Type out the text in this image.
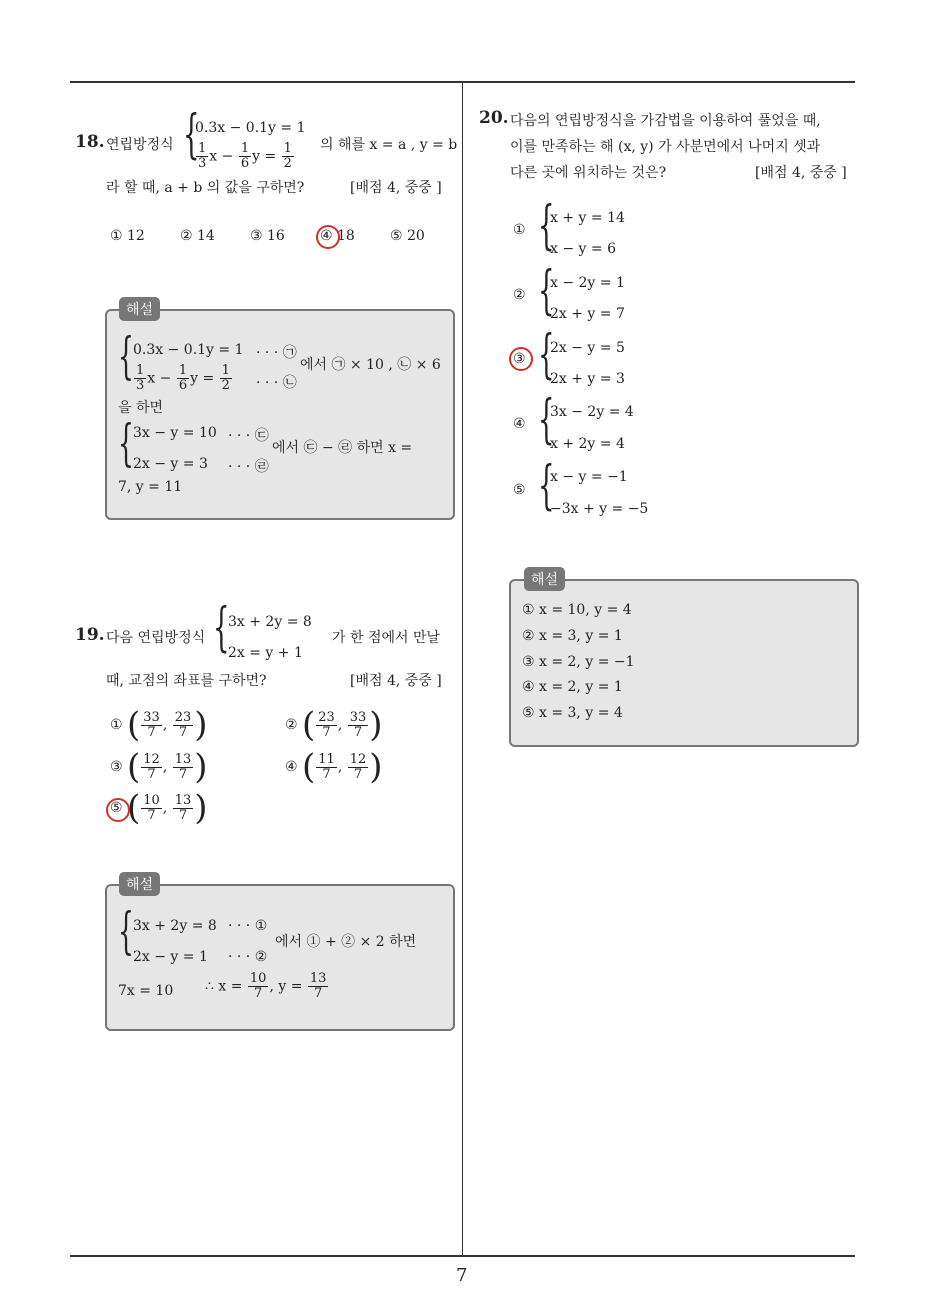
7
18. 연립방정식 {
0.3x − 0.1y = 1
$\frac{1}{3}$ $x - \frac{1}{6}$ $y = \frac{1}{2}$ 의 해를 x = a , y = b
라 할 때, a + b 의 값을 구하면?	[배점 4, 중중 ]
① 12	② 14	③ 16	④ 18	⑤ 20
해설
{ 0.3x − 0.1y = 1 · · · ㉠
$\frac{1}{3}$ $x - \frac{1}{6}$ $y = \frac{1}{2}$ · · · ㉡
에서 ㉠ × 10 , ㉡ × 6
을 하면
{ 3x − y = 10 · · · ㉢
2x − y = 3 · · · ㉣
에서 ㉢ − ㉣ 하면 x =
7, y = 11
19. 다음 연립방정식 {
3x + 2y = 8
2x = y + 1
가 한 점에서 만날
때, 교점의 좌표를 구하면?	[배점 4, 중중 ]
① ( $\frac{33}{7}$ , $\frac{23}{7}$ )	② ( $\frac{23}{7}$ , $\frac{33}{7}$ )
③ ( $\frac{12}{7}$ , $\frac{13}{7}$ )	④ ( $\frac{11}{7}$ , $\frac{12}{7}$ )
⑤ ( $\frac{10}{7}$ , $\frac{13}{7}$ )
해설
{ 3x + 2y = 8 · · · ①
2x − y = 1 · · · ②
에서 ① + ② × 2 하면
7x = 10 ∴ $x = \frac{10}{7}$ , $y = \frac{13}{7}$
20. 다음의 연립방정식을 가감법을 이용하여 풀었을 때,
이를 만족하는 해 (x, y) 가 사분면에서 나머지 셋과
다른 곳에 위치하는 것은?	[배점 4, 중중 ]
① {
x + y = 14
x − y = 6
② {
x − 2y = 1
2x + y = 7
③ {
2x − y = 5
2x + y = 3
④ {
3x − 2y = 4
x + 2y = 4
⑤ {
x − y = −1
−3x + y = −5
해설
① x = 10, y = 4
② x = 3, y = 1
③ x = 2, y = −1
④ x = 2, y = 1
⑤ x = 3, y = 4
